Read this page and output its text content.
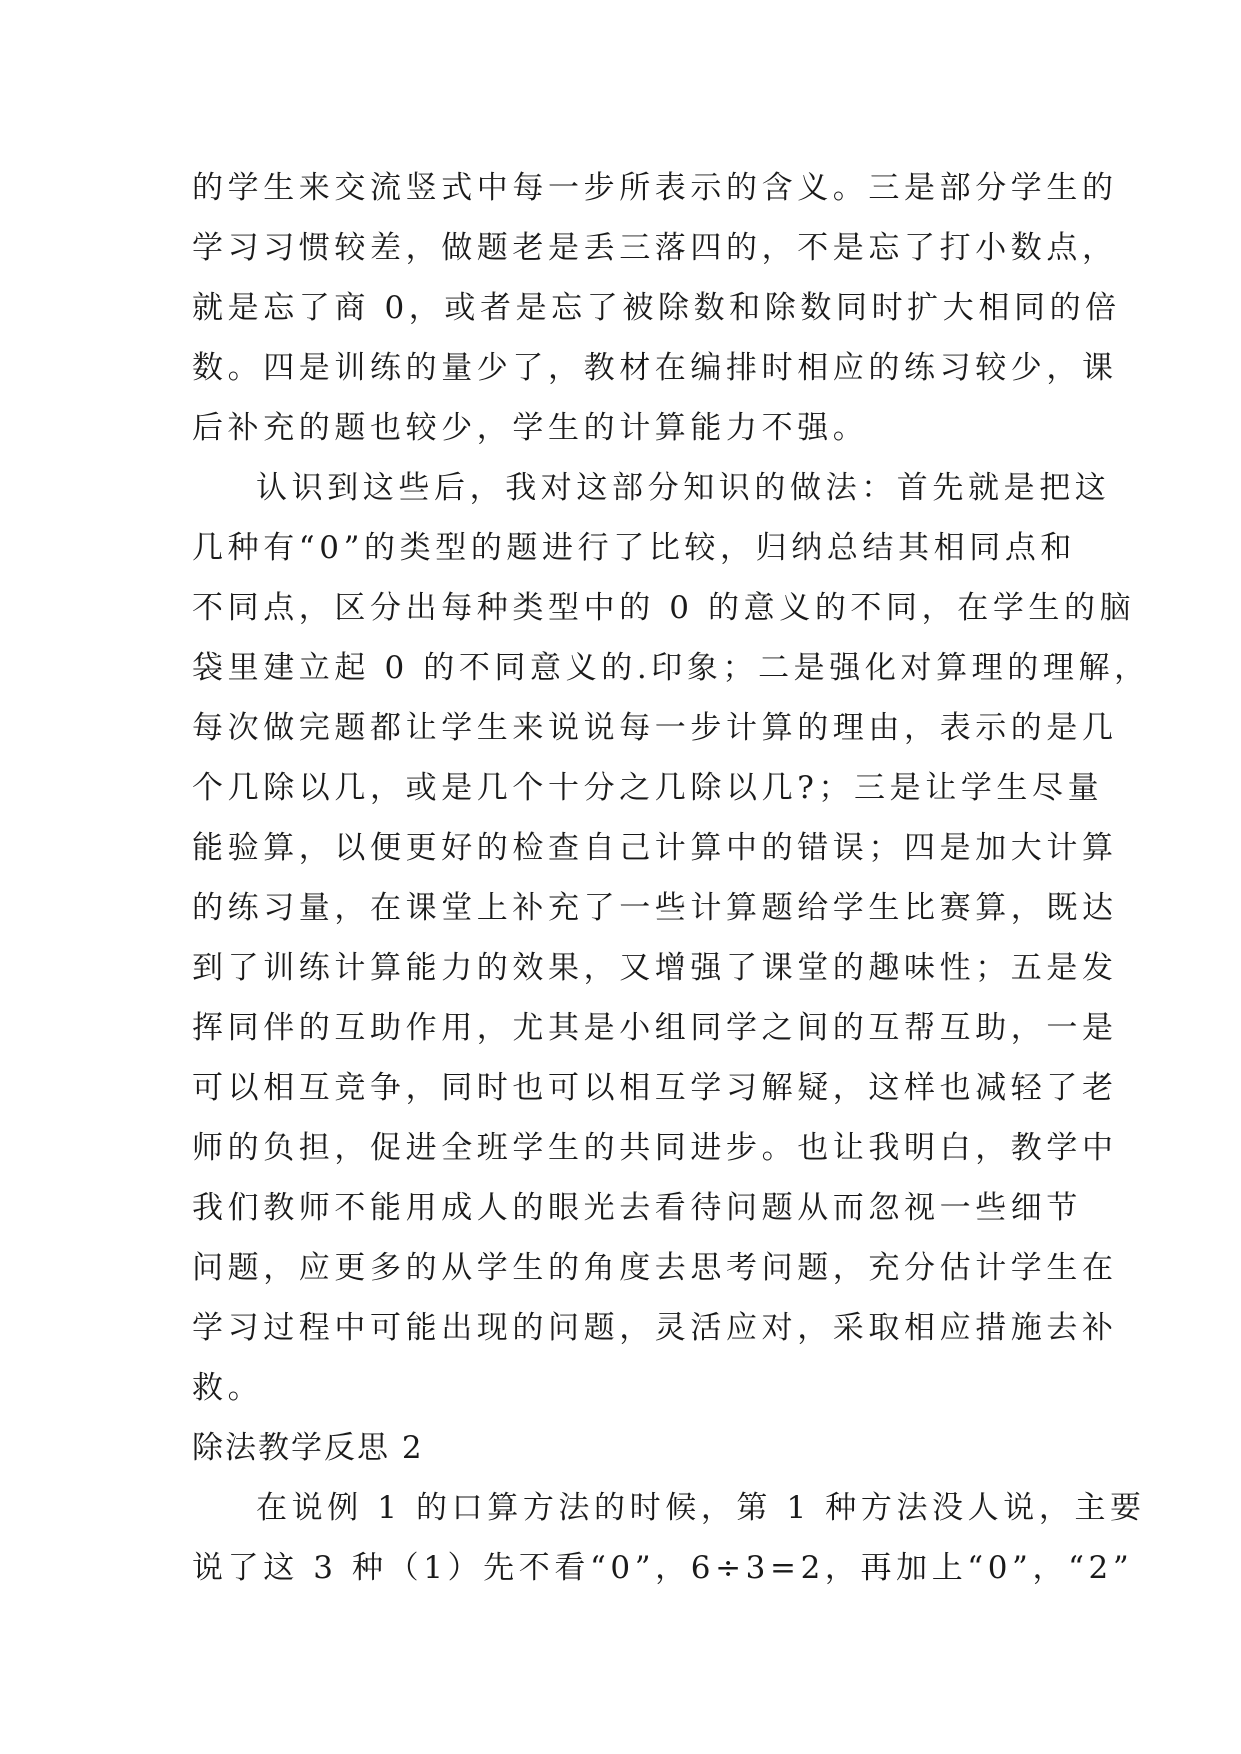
的学生来交流竖式中每一步所表示的含义。三是部分学生的
学习习惯较差，做题老是丢三落四的，不是忘了打小数点，
就是忘了商 0，或者是忘了被除数和除数同时扩大相同的倍
数。四是训练的量少了，教材在编排时相应的练习较少，课
后补充的题也较少，学生的计算能力不强。
认识到这些后，我对这部分知识的做法：首先就是把这
几种有“0”的类型的题进行了比较，归纳总结其相同点和
不同点，区分出每种类型中的 0 的意义的不同，在学生的脑
袋里建立起 0 的不同意义的.印象；二是强化对算理的理解，
每次做完题都让学生来说说每一步计算的理由，表示的是几
个几除以几，或是几个十分之几除以几?；三是让学生尽量
能验算，以便更好的检查自己计算中的错误；四是加大计算
的练习量，在课堂上补充了一些计算题给学生比赛算，既达
到了训练计算能力的效果，又增强了课堂的趣味性；五是发
挥同伴的互助作用，尤其是小组同学之间的互帮互助，一是
可以相互竞争，同时也可以相互学习解疑，这样也减轻了老
师的负担，促进全班学生的共同进步。也让我明白，教学中
我们教师不能用成人的眼光去看待问题从而忽视一些细节
问题，应更多的从学生的角度去思考问题，充分估计学生在
学习过程中可能出现的问题，灵活应对，采取相应措施去补
救。
除法教学反思 2
在说例 1 的口算方法的时候，第 1 种方法没人说，主要
说了这 3 种（1）先不看“0”，6÷3=2，再加上“0”，“2”
